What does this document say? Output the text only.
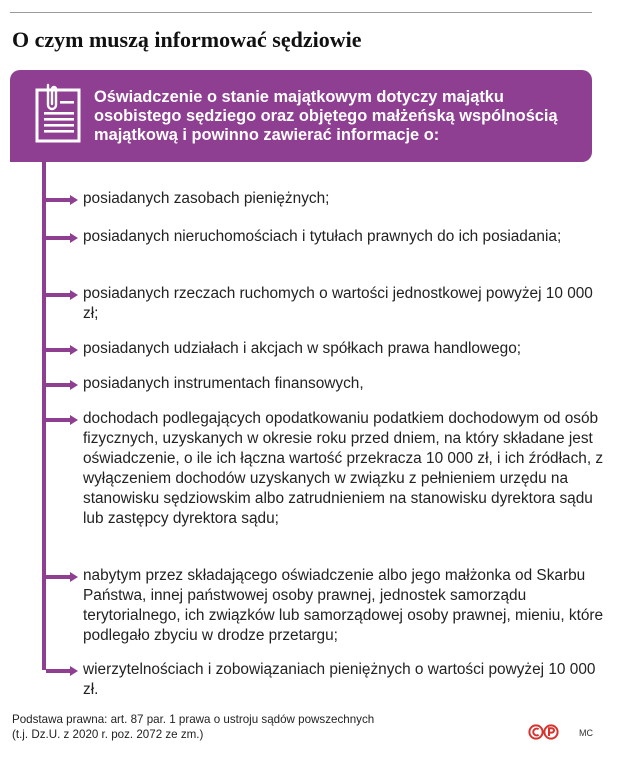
O czym muszą informować sędziowie

Oświadczenie o stanie majątkowym dotyczy majątku osobistego sędziego oraz objętego małżeńską wspólnością majątkową i powinno zawierać informacje o:

posiadanych zasobach pieniężnych;

posiadanych nieruchomościach i tytułach prawnych do ich posiadania;

posiadanych rzeczach ruchomych o wartości jednostkowej powyżej 10 000 zł;

posiadanych udziałach i akcjach w spółkach prawa handlowego;

posiadanych instrumentach finansowych,

dochodach podlegających opodatkowaniu podatkiem dochodowym od osób fizycznych, uzyskanych w okresie roku przed dniem, na który składane jest oświadczenie, o ile ich łączna wartość przekracza 10 000 zł, i ich źródłach, z wyłączeniem dochodów uzyskanych w związku z pełnieniem urzędu na stanowisku sędziowskim albo zatrudnieniem na stanowisku dyrektora sądu lub zastępcy dyrektora sądu;

nabytym przez składającego oświadczenie albo jego małżonka od Skarbu Państwa, innej państwowej osoby prawnej, jednostek samorządu terytorialnego, ich związków lub samorządowej osoby prawnej, mieniu, które podlegało zbyciu w drodze przetargu;

wierzytelnościach i zobowiązaniach pieniężnych o wartości powyżej 10 000 zł.

Podstawa prawna: art. 87 par. 1 prawa o ustroju sądów powszechnych
(t.j. Dz.U. z 2020 r. poz. 2072 ze zm.)	MC
